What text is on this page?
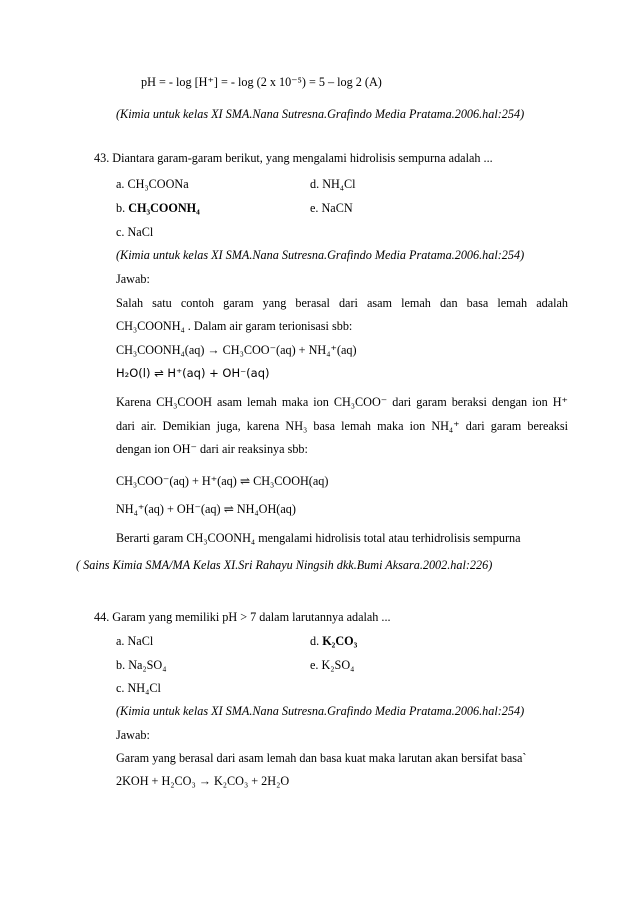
pH = - log [H⁺] = - log (2 x 10⁻⁵) = 5 – log 2 (A)
(Kimia untuk kelas XI SMA.Nana Sutresna.Grafindo Media Pratama.2006.hal:254)
43. Diantara garam-garam berikut, yang mengalami hidrolisis sempurna adalah ...
a. CH₃COONa	d. NH₄Cl
b. CH₃COONH₄	e. NaCN
c. NaCl
(Kimia untuk kelas XI SMA.Nana Sutresna.Grafindo Media Pratama.2006.hal:254)
Jawab:
Salah satu contoh garam yang berasal dari asam lemah dan basa lemah adalah
CH₃COONH₄ . Dalam air garam terionisasi sbb:
CH₃COONH₄(aq) → CH₃COO⁻(aq) + NH₄⁺(aq)
H₂O(l) ⇌ H⁺(aq) + OH⁻(aq)
Karena CH₃COOH asam lemah maka ion CH₃COO⁻ dari garam beraksi dengan ion H⁺
dari air. Demikian juga, karena NH₃ basa lemah maka ion NH₄⁺ dari garam bereaksi
dengan ion OH⁻ dari air reaksinya sbb:
CH₃COO⁻(aq) + H⁺(aq) ⇌ CH₃COOH(aq)
NH₄⁺(aq) + OH⁻(aq) ⇌ NH₄OH(aq)
Berarti garam CH₃COONH₄ mengalami hidrolisis total atau terhidrolisis sempurna
( Sains Kimia SMA/MA Kelas XI.Sri Rahayu Ningsih dkk.Bumi Aksara.2002.hal:226)
44. Garam yang memiliki pH > 7 dalam larutannya adalah ...
a. NaCl	d. K₂CO₃
b. Na₂SO₄	e. K₂SO₄
c. NH₄Cl
(Kimia untuk kelas XI SMA.Nana Sutresna.Grafindo Media Pratama.2006.hal:254)
Jawab:
Garam yang berasal dari asam lemah dan basa kuat maka larutan akan bersifat basa`
2KOH + H₂CO₃ → K₂CO₃ + 2H₂O
